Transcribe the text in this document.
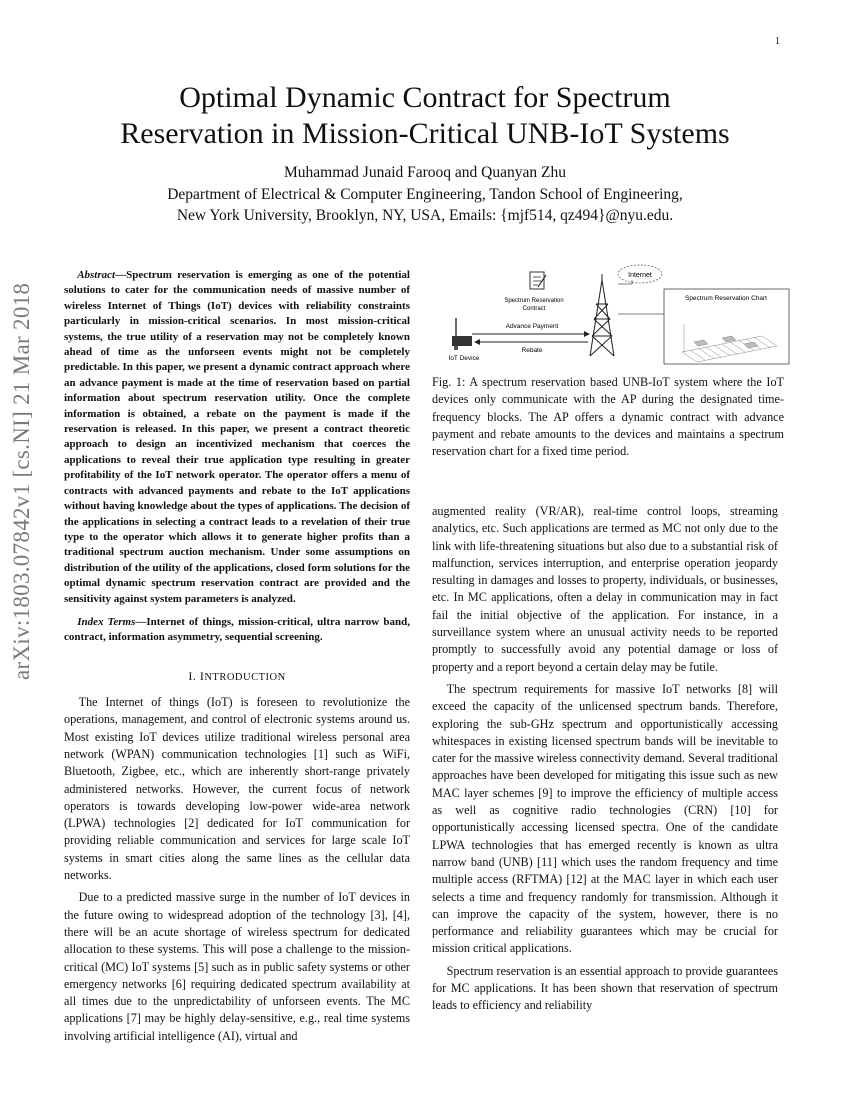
1
arXiv:1803.07842v1 [cs.NI] 21 Mar 2018
Optimal Dynamic Contract for Spectrum
Reservation in Mission-Critical UNB-IoT Systems
Muhammad Junaid Farooq and Quanyan Zhu
Department of Electrical & Computer Engineering, Tandon School of Engineering,
New York University, Brooklyn, NY, USA, Emails: {mjf514, qz494}@nyu.edu.

Abstract—Spectrum reservation is emerging as one of the potential solutions to cater for the communication needs of massive number of wireless Internet of Things (IoT) devices with reliability constraints particularly in mission-critical scenarios. In most mission-critical systems, the true utility of a reservation may not be completely known ahead of time as the unforseen events might not be completely predictable. In this paper, we present a dynamic contract approach where an advance payment is made at the time of reservation based on partial information about spectrum reservation utility. Once the complete information is obtained, a rebate on the payment is made if the reservation is released. In this paper, we present a contract theoretic approach to design an incentivized mechanism that coerces the applications to reveal their true application type resulting in greater profitability of the IoT network operator. The operator offers a menu of contracts with advanced payments and rebate to the IoT applications without having knowledge about the types of applications. The decision of the applications in selecting a contract leads to a revelation of their true type to the operator which allows it to generate higher profits than a traditional spectrum auction mechanism. Under some assumptions on distribution of the utility of the applications, closed form solutions for the optimal dynamic spectrum reservation contract are provided and the sensitivity against system parameters is analyzed.

Index Terms—Internet of things, mission-critical, ultra narrow band, contract, information asymmetry, sequential screening.

I. INTRODUCTION

The Internet of things (IoT) is foreseen to revolutionize the operations, management, and control of electronic systems around us. Most existing IoT devices utilize traditional wireless personal area network (WPAN) communication technologies [1] such as WiFi, Bluetooth, Zigbee, etc., which are inherently short-range privately administered networks. However, the current focus of network operators is towards developing low-power wide-area network (LPWA) technologies [2] dedicated for IoT communication for providing reliable communication and services for large scale IoT systems in smart cities along the same lines as the cellular data networks.

Due to a predicted massive surge in the number of IoT devices in the future owing to widespread adoption of the technology [3], [4], there will be an acute shortage of wireless spectrum for dedicated allocation to these systems. This will pose a challenge to the mission-critical (MC) IoT systems [5] such as in public safety systems or other emergency networks [6] requiring dedicated spectrum availability at all times due to the unpredictability of unforseen events. The MC applications [7] may be highly delay-sensitive, e.g., real time systems involving artificial intelligence (AI), virtual and

Spectrum Reservation
Contract
Internet
Spectrum Reservation Chart
Advance Payment
Rebate
IoT Device
Fig. 1: A spectrum reservation based UNB-IoT system where the IoT devices only communicate with the AP during the designated time-frequency blocks. The AP offers a dynamic contract with advance payment and rebate amounts to the devices and maintains a spectrum reservation chart for a fixed time period.

augmented reality (VR/AR), real-time control loops, streaming analytics, etc. Such applications are termed as MC not only due to the link with life-threatening situations but also due to a substantial risk of malfunction, services interruption, and enterprise operation jeopardy resulting in damages and losses to property, individuals, or businesses, etc. In MC applications, often a delay in communication may in fact fail the initial objective of the application. For instance, in a surveillance system where an unusual activity needs to be reported promptly to successfully avoid any potential damage or loss of property and a report beyond a certain delay may be futile.

The spectrum requirements for massive IoT networks [8] will exceed the capacity of the unlicensed spectrum bands. Therefore, exploring the sub-GHz spectrum and opportunistically accessing whitespaces in existing licensed spectrum bands will be inevitable to cater for the massive wireless connectivity demand. Several traditional approaches have been developed for mitigating this issue such as new MAC layer schemes [9] to improve the efficiency of multiple access as well as cognitive radio technologies (CRN) [10] for opportunistically accessing licensed spectra. One of the candidate LPWA technologies that has emerged recently is known as ultra narrow band (UNB) [11] which uses the random frequency and time multiple access (RFTMA) [12] at the MAC layer in which each user selects a time and frequency randomly for transmission. Although it can improve the capacity of the system, however, there is no performance and reliability guarantees which may be crucial for mission critical applications.

Spectrum reservation is an essential approach to provide guarantees for MC applications. It has been shown that reservation of spectrum leads to efficiency and reliability
